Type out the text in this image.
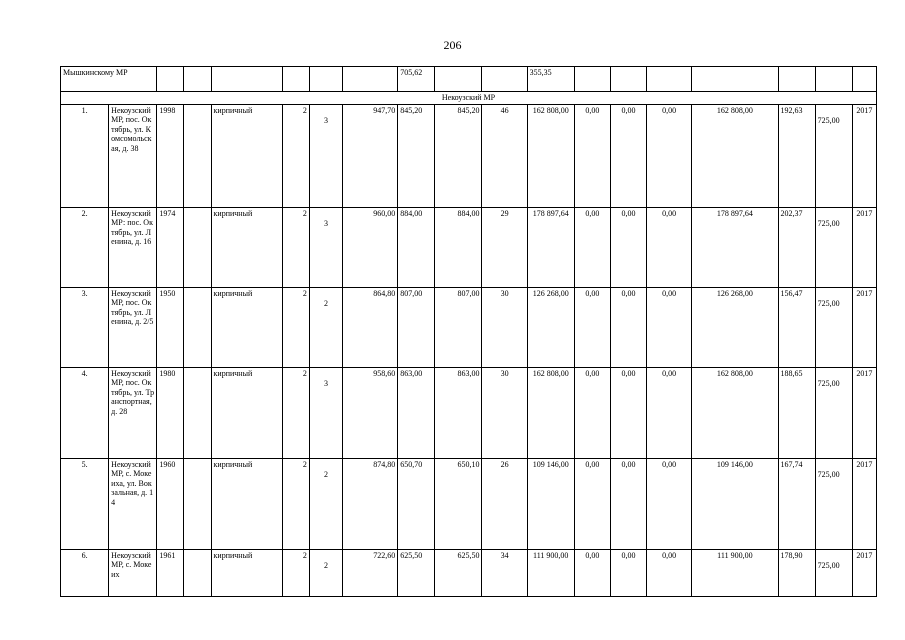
206
Мышкинскому МР								705,62			355,35							
Некоузский МР																		
1.	Некоузский МР, пос. Октябрь, ул. Комсомольская, д. 38	1998		кирпичный	2	3	947,70	845,20	845,20	46	162 808,00	0,00	0,00	0,00	162 808,00	192,63	725,00	2017
2.	Некоузский МР: пос. Октябрь, ул. Ленина, д. 16	1974		кирпичный	2	3	960,00	884,00	884,00	29	178 897,64	0,00	0,00	0,00	178 897,64	202,37	725,00	2017
3.	Некоузский МР, пос. Октябрь, ул. Ленина, д. 2/5	1950		кирпичный	2	2	864,80	807,00	807,00	30	126 268,00	0,00	0,00	0,00	126 268,00	156,47	725,00	2017
4.	Некоузский МР, пос. Октябрь, ул. Транспортная, д. 28	1980		кирпичный	2	3	958,60	863,00	863,00	30	162 808,00	0,00	0,00	0,00	162 808,00	188,65	725,00	2017
5.	Некоузский МР, с. Мокеиха, ул. Вокзальная, д. 14	1960		кирпичный	2	2	874,80	650,70	650,10	26	109 146,00	0,00	0,00	0,00	109 146,00	167,74	725,00	2017
6.	Некоузский МР, с. Мокеих	1961		кирпичный	2	2	722,60	625,50	625,50	34	111 900,00	0,00	0,00	0,00	111 900,00	178,90	725,00	2017
